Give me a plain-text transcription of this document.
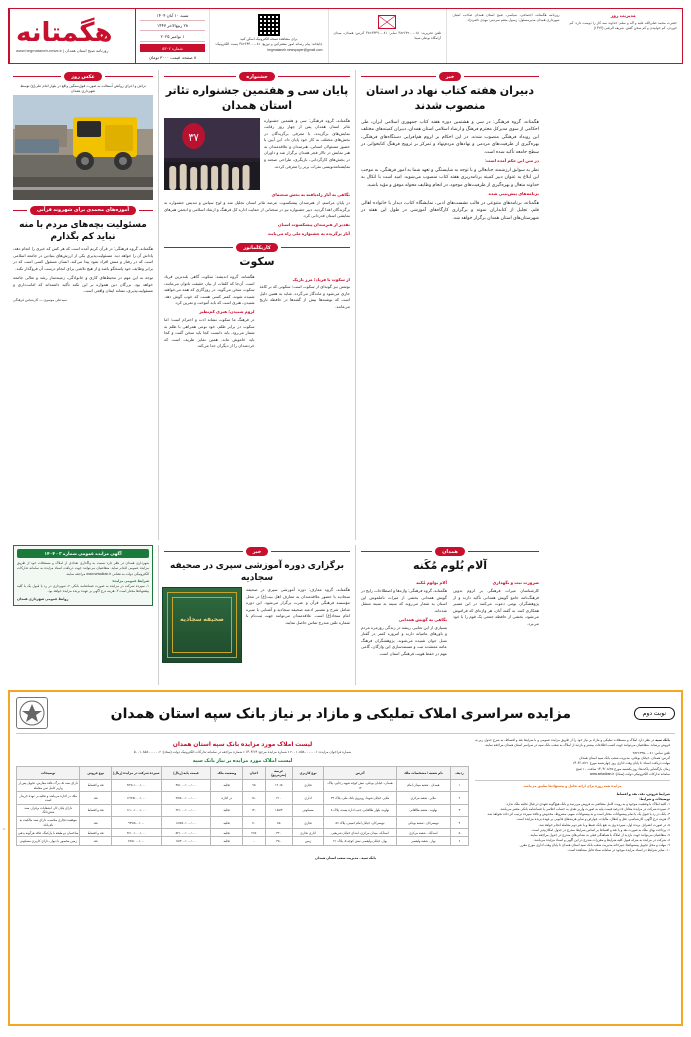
هگمتانه
روزنامه صبح استان همدان | www.hegmataneh-news.ir
شنبه ۱۰ آبان ۱۴۰۴
۲۸ ربیع‌الاخر ۱۴۴۷
۱ نوامبر ۲۰۲۵
شماره ۵۳۰۲
۸ صفحه
قیمت ۳۰۰۰ تومان
برای مشاهده نسخه الکترونیک اسکن کنید
چاپخانه: پیام رسانه امور مشترکین و توزیع: ۰۸۱-۳۸۲۶۴۴۰۰ پست الکترونیک: hegmataneh.newspaper@gmail.com
تلفن تحریریه: ۰۸۱-۳۸۲۶۷۲۰۰ نمابر: ۰۸۱-۳۸۲۶۴۴۹۰ آدرس: همدان، میدان آرامگاه بوعلی سینا
روزنامه هگمتانه، اجتماعی، سیاسی، صبح استان همدان صاحب امتیاز: شهرداری همدان مدیرمسئول: رسول منعم سردبیر: مهدی ناصرنژاد
مدیریت روز
حضرت محمد صلی‌الله علیه و آله و سلم: خداوند سه کار را دوست دارد: کم خوردن، کم خوابیدن و کم سخن گفتن. شریف الرضی (۱۳۲۳)
عکس روز
تراش و اجرای روکش آسفالت به صورت فوق‌سنگین واقع در بلوار امام علی(ع) توسط شهرداری همدان
آموزه‌های محمدی برای شهروند قرآنی
مسئولیت بچه‌های مردم با منه نباید کم بگذارم
هگمتانه، گروه فرهنگی: در قرآن کریم آمده است که هر کس که خیری را انجام دهد، پاداش آن را خواهد دید. مسئولیت‌پذیری یکی از ارزش‌های بنیادین در جامعه اسلامی است که در رفتار و منش افراد نمود پیدا می‌کند. انسان مسئول کسی است که در برابر وظایف خود پاسخگو باشد و از هیچ تلاشی برای انجام درست آن فروگذار نکند.
توجه به این مهم در محیط‌های کاری و خانوادگی، زمینه‌ساز رشد و تعالی جامعه خواهد بود. بزرگان دین همواره بر این نکته تأکید داشته‌اند که امانت‌داری و مسئولیت‌پذیری، نشانه ایمان واقعی است.
سیدعلی موسوی — کارشناس فرهنگی
جشنواره
پایان سی و هفتمین جشنواره تئاتر استان همدان
۳۷
هگمتانه، گروه فرهنگی: سی و هفتمین جشنواره تئاتر استان همدان پس از چهار روز رقابت نمایش‌های برگزیده، با معرفی برگزیدگان در بخش‌های مختلف به کار خود پایان داد. این آیین با حضور مسئولان استانی، هنرمندان و علاقه‌مندان به هنر نمایش در تالار فجر همدان برگزار شد و داوران در بخش‌های کارگردانی، بازیگری، طراحی صحنه و نمایشنامه‌نویسی نفرات برتر را معرفی کردند.
نگاهی به آثار راه‌یافته به بخش صحنه‌ای
در پایان مراسم، از هنرمندان پیشکسوت عرصه تئاتر استان تجلیل شد و لوح سپاس و تندیس جشنواره به برگزیدگان اهدا گردید. دبیر جشنواره نیز در سخنانی از حمایت اداره کل فرهنگ و ارشاد اسلامی و انجمن هنرهای نمایشی استان قدردانی کرد.
تقدیر از هنرمندان پیشکسوت استان
آثار برگزیده به جشنواره ملی راه می‌یابند
کاریکلماتور
سکوت
هگمتانه، گروه اندیشه: سکوت گاهی بلندترین فریاد است. آن‌جا که کلمات از بیان حقیقت ناتوان می‌مانند، سکوت سخن می‌گوید. در روزگاری که همه می‌خواهند شنیده شوند، کمتر کسی هست که خوب گوش دهد. شنیدن، هنری است که باید آموخت و تمرین کرد.
لزوم شنیدن؛ هنری کم‌نظیر
در فرهنگ ما سکوت نشانه ادب و احترام است؛ اما سکوت در برابر ظلم، خود نوعی همراهی با ظلم به شمار می‌رود. باید دانست کجا باید سخن گفت و کجا باید خاموش ماند. همین تمایز ظریف است که خردمندان را از دیگران جدا می‌کند.
از سکوت تا فریاد؛ مرز باریک
نوشتن نیز گونه‌ای از سکوت است؛ سکوتی که بر کاغذ جاری می‌شود و ماندگار می‌گردد. شاید به همین دلیل است که نوشته‌ها بیش از گفته‌ها در حافظه تاریخ می‌مانند.
خبر
دبیران هفته کتاب نهاد در استان منصوب شدند
هگمتانه، گروه فرهنگی: در سی و هشتمین دوره هفته کتاب جمهوری اسلامی ایران، طی احکامی از سوی مدیرکل محترم فرهنگ و ارشاد اسلامی استان همدان، دبیران کمیته‌های مختلف این رویداد فرهنگی منصوب شدند. در این احکام بر لزوم هم‌افزایی دستگاه‌های فرهنگی، بهره‌گیری از ظرفیت‌های مردمی و نهادهای مردم‌نهاد و تمرکز بر ترویج فرهنگ کتابخوانی در سطح جامعه تأکید شده است.
در متن این حکم آمده است:
نظر به سوابق ارزشمند جنابعالی و با توجه به شایستگی و تعهد شما به امور فرهنگی، به موجب این ابلاغ به عنوان دبیر کمیته برنامه‌ریزی هفته کتاب منصوب می‌شوید. امید است با اتکال به خداوند متعال و بهره‌گیری از ظرفیت‌های موجود، در انجام وظایف محوله موفق و مؤید باشید.
برنامه‌های پیش‌بینی شده
هگمتانه، برنامه‌های متنوعی در قالب نشست‌های ادبی، نمایشگاه کتاب، دیدار با خانواده اهالی قلم، تجلیل از کتابداران نمونه و برگزاری کارگاه‌های آموزشی در طول این هفته در شهرستان‌های استان همدان برگزار خواهد شد.
آگهی مزایده عمومی شماره ۲ - ۱۴۰۴
شهرداری همدان در نظر دارد نسبت به واگذاری تعدادی از املاک و مستغلات خود از طریق مزایده عمومی اقدام نماید. متقاضیان می‌توانند جهت دریافت اسناد مزایده به سامانه تدارکات الکترونیکی دولت به نشانی www.setadiran.ir مراجعه نمایند.
شرایط عمومی مزایده:
۱- سپرده شرکت در مزایده به صورت ضمانتنامه بانکی ۲- شهرداری در رد یا قبول یک یا کلیه پیشنهادها مختار است ۳- هزینه درج آگهی بر عهده برنده مزایده خواهد بود.
روابط عمومی شهرداری همدان
خبر
برگزاری دوره آموزشی سپری در صحیفه سجادیه
صحیفه سجادیه
هگمتانه، گروه معارف: دوره آموزشی سپری در صحیفه سجادیه با حضور علاقه‌مندان به معارف اهل بیت(ع) در محل مؤسسه فرهنگی قرآن و عترت برگزار می‌شود. این دوره شامل شرح و تفسیر ادعیه صحیفه سجادیه و آشنایی با سیره امام سجاد(ع) است. علاقه‌مندان می‌توانند جهت ثبت‌نام با شماره تلفن مندرج تماس حاصل نمایند.
همدان
آلام بُلوم مُکَنه
آلام بولوم مُکنه
هگمتانه، گروه فرهنگی: واژه‌ها و اصطلاحات رایج در گویش همدانی بخشی از میراث ناملموس این استان به شمار می‌روند که سینه به سینه منتقل شده‌اند.
نگاهی به گویش همدانی
بسیاری از این تعابیر، ریشه در زندگی روزمره مردم و باورهای عامیانه دارند و امروزه کمتر در گفتار نسل جوان شنیده می‌شوند. پژوهشگران فرهنگ عامه معتقدند ثبت و مستندسازی این واژگان، گامی مهم در حفظ هویت فرهنگی استان است.
ضرورت ثبت و نگهداری
کارشناسان میراث فرهنگی بر لزوم تدوین فرهنگ‌نامه جامع گویش همدانی تأکید دارند و از پژوهشگران بومی دعوت می‌کنند در این مسیر همکاری کنند. به گفته آنان، هر واژه‌ای که فراموش می‌شود، بخشی از حافظه جمعی یک قوم را با خود می‌برد.
مزایده سراسری املاک تملیکی و مازاد بر نیاز بانک سپه استان همدان	نوبت دوم
لیست املاک مورد مزایده بانک سپه استان همدان
شماره فراخوان مزایده: ۲۰۰۱۰۸۵۸۰۰۰۰۰۰۱ • شماره مزایده مرجع: ۱۴۰۴/۱۴ • شماره مراجعه در سامانه تدارکات الکترونیک دولت (ستاد): ۵۰۰۱۰۸۵۸۰۰۰۰۰۰۲
لیست املاک مورد مزایده بر نیاز بانک سپه
ردیف	نام شعبه / مشخصات ملک	آدرس	نوع کاربری	عرصه (مترمربع)	اعیان	وضعیت ملک	قیمت پایه (ریال)	سپرده شرکت در مزایده (ریال)	نوع فروش	توضیحات
۱	همدان - شعبه میدان امام	همدان، خیابان بوعلی، نبش کوچه شهید رجایی، پلاک ۱۲	تجاری	۱۲۰/۵	۹۵	تخلیه	۴۵/۰۰۰/۰۰۰/۰۰۰	۲/۲۵۰/۰۰۰/۰۰۰	نقد و اقساط	دارای سند تک برگ، فاقد معارض، تحویل پس از واریز کامل ثمن معامله
۲	ملایر - شعبه مرکزی	ملایر، خیابان شهدا، روبروی بانک ملی، پلاک ۳۴	اداری	۲۱۰	۱۸۰	در اجاره	۳۸/۵۰۰/۰۰۰/۰۰۰	۱/۹۲۵/۰۰۰/۰۰۰	نقد	ملک در اجاره می‌باشد و تخلیه بر عهده خریدار است
۳	نهاوند - شعبه طالقانی	نهاوند، بلوار طالقانی، جنب اداره پست، پلاک ۸	مسکونی	۱۸۵/۳	۱۴۰	تخلیه	۲۲/۰۰۰/۰۰۰/۰۰۰	۱/۱۰۰/۰۰۰/۰۰۰	نقد و اقساط	دارای پایان کار، انشعابات برقرار، سند شش‌دانگ
۴	تویسرکان - شعبه بوعلی	تویسرکان، خیابان امام خمینی، پلاک ۵۶	تجاری	۸۵	۷۰	تخلیه	۱۸/۷۵۰/۰۰۰/۰۰۰	۹۳۷/۵۰۰/۰۰۰	نقد	موقعیت تجاری مناسب، دارای سند مالکیت به نام بانک
۵	اسدآباد - شعبه مرکزی	اسدآباد، میدان مرکزی، ابتدای خیابان شریعتی	اداری تجاری	۳۲۰	۲۶۵	تخلیه	۵۲/۰۰۰/۰۰۰/۰۰۰	۲/۶۰۰/۰۰۰/۰۰۰	نقد و اقساط	ساختمان دو طبقه با پارکینگ، فاقد هرگونه بدهی
۶	بهار - شعبه ولیعصر	بهار، خیابان ولیعصر، نبش کوچه ۵، پلاک ۲۱	زمین	۴۵۰	-	تخلیه	۱۵/۳۰۰/۰۰۰/۰۰۰	۷۶۵/۰۰۰/۰۰۰	نقد	زمین محصور با دیوار، دارای کاربری مسکونی
بانک سپه در نظر دارد املاک و مستغلات تملیکی و مازاد بر نیاز خود را از طریق مزایده عمومی و با شرایط نقد و اقساط، به شرح جدول زیر به فروش برساند. متقاضیان می‌توانند جهت کسب اطلاعات بیشتر و بازدید از املاک به شعب بانک سپه در سراسر استان همدان مراجعه نمایند.
تلفن تماس: ۰۸۱-۳۸۲۶۳۳۵۰
آدرس: همدان، خیابان بوعلی، مدیریت شعب بانک سپه استان همدان
مهلت دریافت اسناد: تا پایان وقت اداری روز چهارشنبه مورخ ۱۴۰۴/۰۸/۲۱
زمان بازگشایی پاکت‌ها: روز یکشنبه مورخ ۱۴۰۴/۰۸/۲۵ ساعت ۱۰ صبح
سامانه تدارکات الکترونیکی دولت (ستاد): www.setadiran.ir
مزایده همه روزه برای ارائه تحلیل و پیشنهادها تطبیق می‌باشد
شرایط فروش، نقد، نقد و اقساط
توضیحات و شرایط:
۱- کلیه املاک با وضعیت موجود و به رویت کامل متقاضی به فروش می‌رسد و بانک هیچ‌گونه تعهدی در قبال تخلیه ملک ندارد.
۲- سپرده شرکت در مزایده معادل ۵ درصد قیمت پایه به صورت واریز نقدی به حساب اعلامی یا ضمانتنامه بانکی معتبر می‌باشد.
۳- بانک در رد یا قبول یک یا تمام پیشنهادات مختار است و به پیشنهادات مبهم، مشروط، مخدوش و فاقد سپرده ترتیب اثر داده نخواهد شد.
۴- هزینه درج آگهی، کارشناسی، نقل و انتقال، مالیات، عوارض و سایر هزینه‌های قانونی بر عهده برنده مزایده است.
۵- در صورت انصراف برنده اول، سپرده وی به نفع بانک ضبط و با نفر دوم معامله انجام خواهد شد.
۶- پرداخت بهای ملک به صورت نقد و یا نقد و اقساط بر اساس شرایط مندرج در جدول امکان‌پذیر است.
۷- متقاضیان می‌توانند جهت بازدید از املاک با هماهنگی قبلی به نشانی‌های مندرج در جدول مراجعه نمایند.
۸- شرکت در مزایده به منزله قبول کلیه شرایط و مقررات مندرج در این آگهی و اسناد مزایده می‌باشد.
۹- مهلت و محل تحویل پیشنهادها: دبیرخانه مدیریت شعب بانک سپه استان همدان تا پایان وقت اداری مورخ مقرر.
۱۰- سایر شرایط در اسناد مزایده موجود در سامانه ستاد قابل مشاهده است.
بانک سپه - مدیریت شعب استان همدان
۸
